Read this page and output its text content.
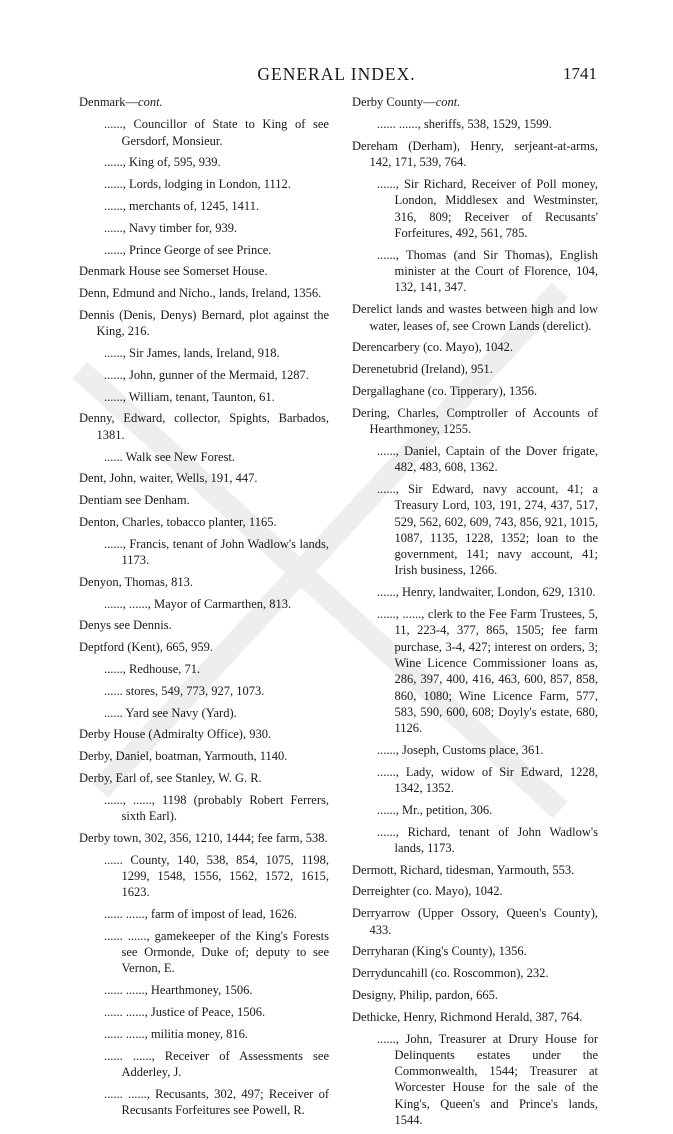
GENERAL INDEX.	1741
Denmark—cont.
......, Councillor of State to King of see Gersdorf, Monsieur.
......, King of, 595, 939.
......, Lords, lodging in London, 1112.
......, merchants of, 1245, 1411.
......, Navy timber for, 939.
......, Prince George of see Prince.
Denmark House see Somerset House.
Denn, Edmund and Nicho., lands, Ireland, 1356.
Dennis (Denis, Denys) Bernard, plot against the King, 216.
......, Sir James, lands, Ireland, 918.
......, John, gunner of the Mermaid, 1287.
......, William, tenant, Taunton, 61.
Denny, Edward, collector, Spights, Barbados, 1381.
...... Walk see New Forest.
Dent, John, waiter, Wells, 191, 447.
Dentiam see Denham.
Denton, Charles, tobacco planter, 1165.
......, Francis, tenant of John Wadlow's lands, 1173.
Denyon, Thomas, 813.
......, ......, Mayor of Carmarthen, 813.
Denys see Dennis.
Deptford (Kent), 665, 959.
......, Redhouse, 71.
...... stores, 549, 773, 927, 1073.
...... Yard see Navy (Yard).
Derby House (Admiralty Office), 930.
Derby, Daniel, boatman, Yarmouth, 1140.
Derby, Earl of, see Stanley, W. G. R.
......, ......, 1198 (probably Robert Ferrers, sixth Earl).
Derby town, 302, 356, 1210, 1444; fee farm, 538.
...... County, 140, 538, 854, 1075, 1198, 1299, 1548, 1556, 1562, 1572, 1615, 1623.
...... ......, farm of impost of lead, 1626.
...... ......, gamekeeper of the King's Forests see Ormonde, Duke of; deputy to see Vernon, E.
...... ......, Hearthmoney, 1506.
...... ......, Justice of Peace, 1506.
...... ......, militia money, 816.
...... ......, Receiver of Assessments see Adderley, J.
...... ......, Recusants, 302, 497; Receiver of Recusants Forfeitures see Powell, R.
Derby County—cont.
...... ......, sheriffs, 538, 1529, 1599.
Dereham (Derham), Henry, serjeant-at-arms, 142, 171, 539, 764.
......, Sir Richard, Receiver of Poll money, London, Middlesex and Westminster, 316, 809; Receiver of Recusants' Forfeitures, 492, 561, 785.
......, Thomas (and Sir Thomas), English minister at the Court of Florence, 104, 132, 141, 347.
Derelict lands and wastes between high and low water, leases of, see Crown Lands (derelict).
Derencarbery (co. Mayo), 1042.
Derenetubrid (Ireland), 951.
Dergallaghane (co. Tipperary), 1356.
Dering, Charles, Comptroller of Accounts of Hearthmoney, 1255.
......, Daniel, Captain of the Dover frigate, 482, 483, 608, 1362.
......, Sir Edward, navy account, 41; a Treasury Lord, 103, 191, 274, 437, 517, 529, 562, 602, 609, 743, 856, 921, 1015, 1087, 1135, 1228, 1352; loan to the government, 141; navy account, 41; Irish business, 1266.
......, Henry, landwaiter, London, 629, 1310.
......, ......, clerk to the Fee Farm Trustees, 5, 11, 223-4, 377, 865, 1505; fee farm purchase, 3-4, 427; interest on orders, 3; Wine Licence Commissioner loans as, 286, 397, 400, 416, 463, 600, 857, 858, 860, 1080; Wine Licence Farm, 577, 583, 590, 600, 608; Doyly's estate, 680, 1126.
......, Joseph, Customs place, 361.
......, Lady, widow of Sir Edward, 1228, 1342, 1352.
......, Mr., petition, 306.
......, Richard, tenant of John Wadlow's lands, 1173.
Dermott, Richard, tidesman, Yarmouth, 553.
Derreighter (co. Mayo), 1042.
Derryarrow (Upper Ossory, Queen's County), 433.
Derryharan (King's County), 1356.
Derryduncahill (co. Roscommon), 232.
Designy, Philip, pardon, 665.
Dethicke, Henry, Richmond Herald, 387, 764.
......, John, Treasurer at Drury House for Delinquents estates under the Commonwealth, 1544; Treasurer at Worcester House for the sale of the King's, Queen's and Prince's lands, 1544.
